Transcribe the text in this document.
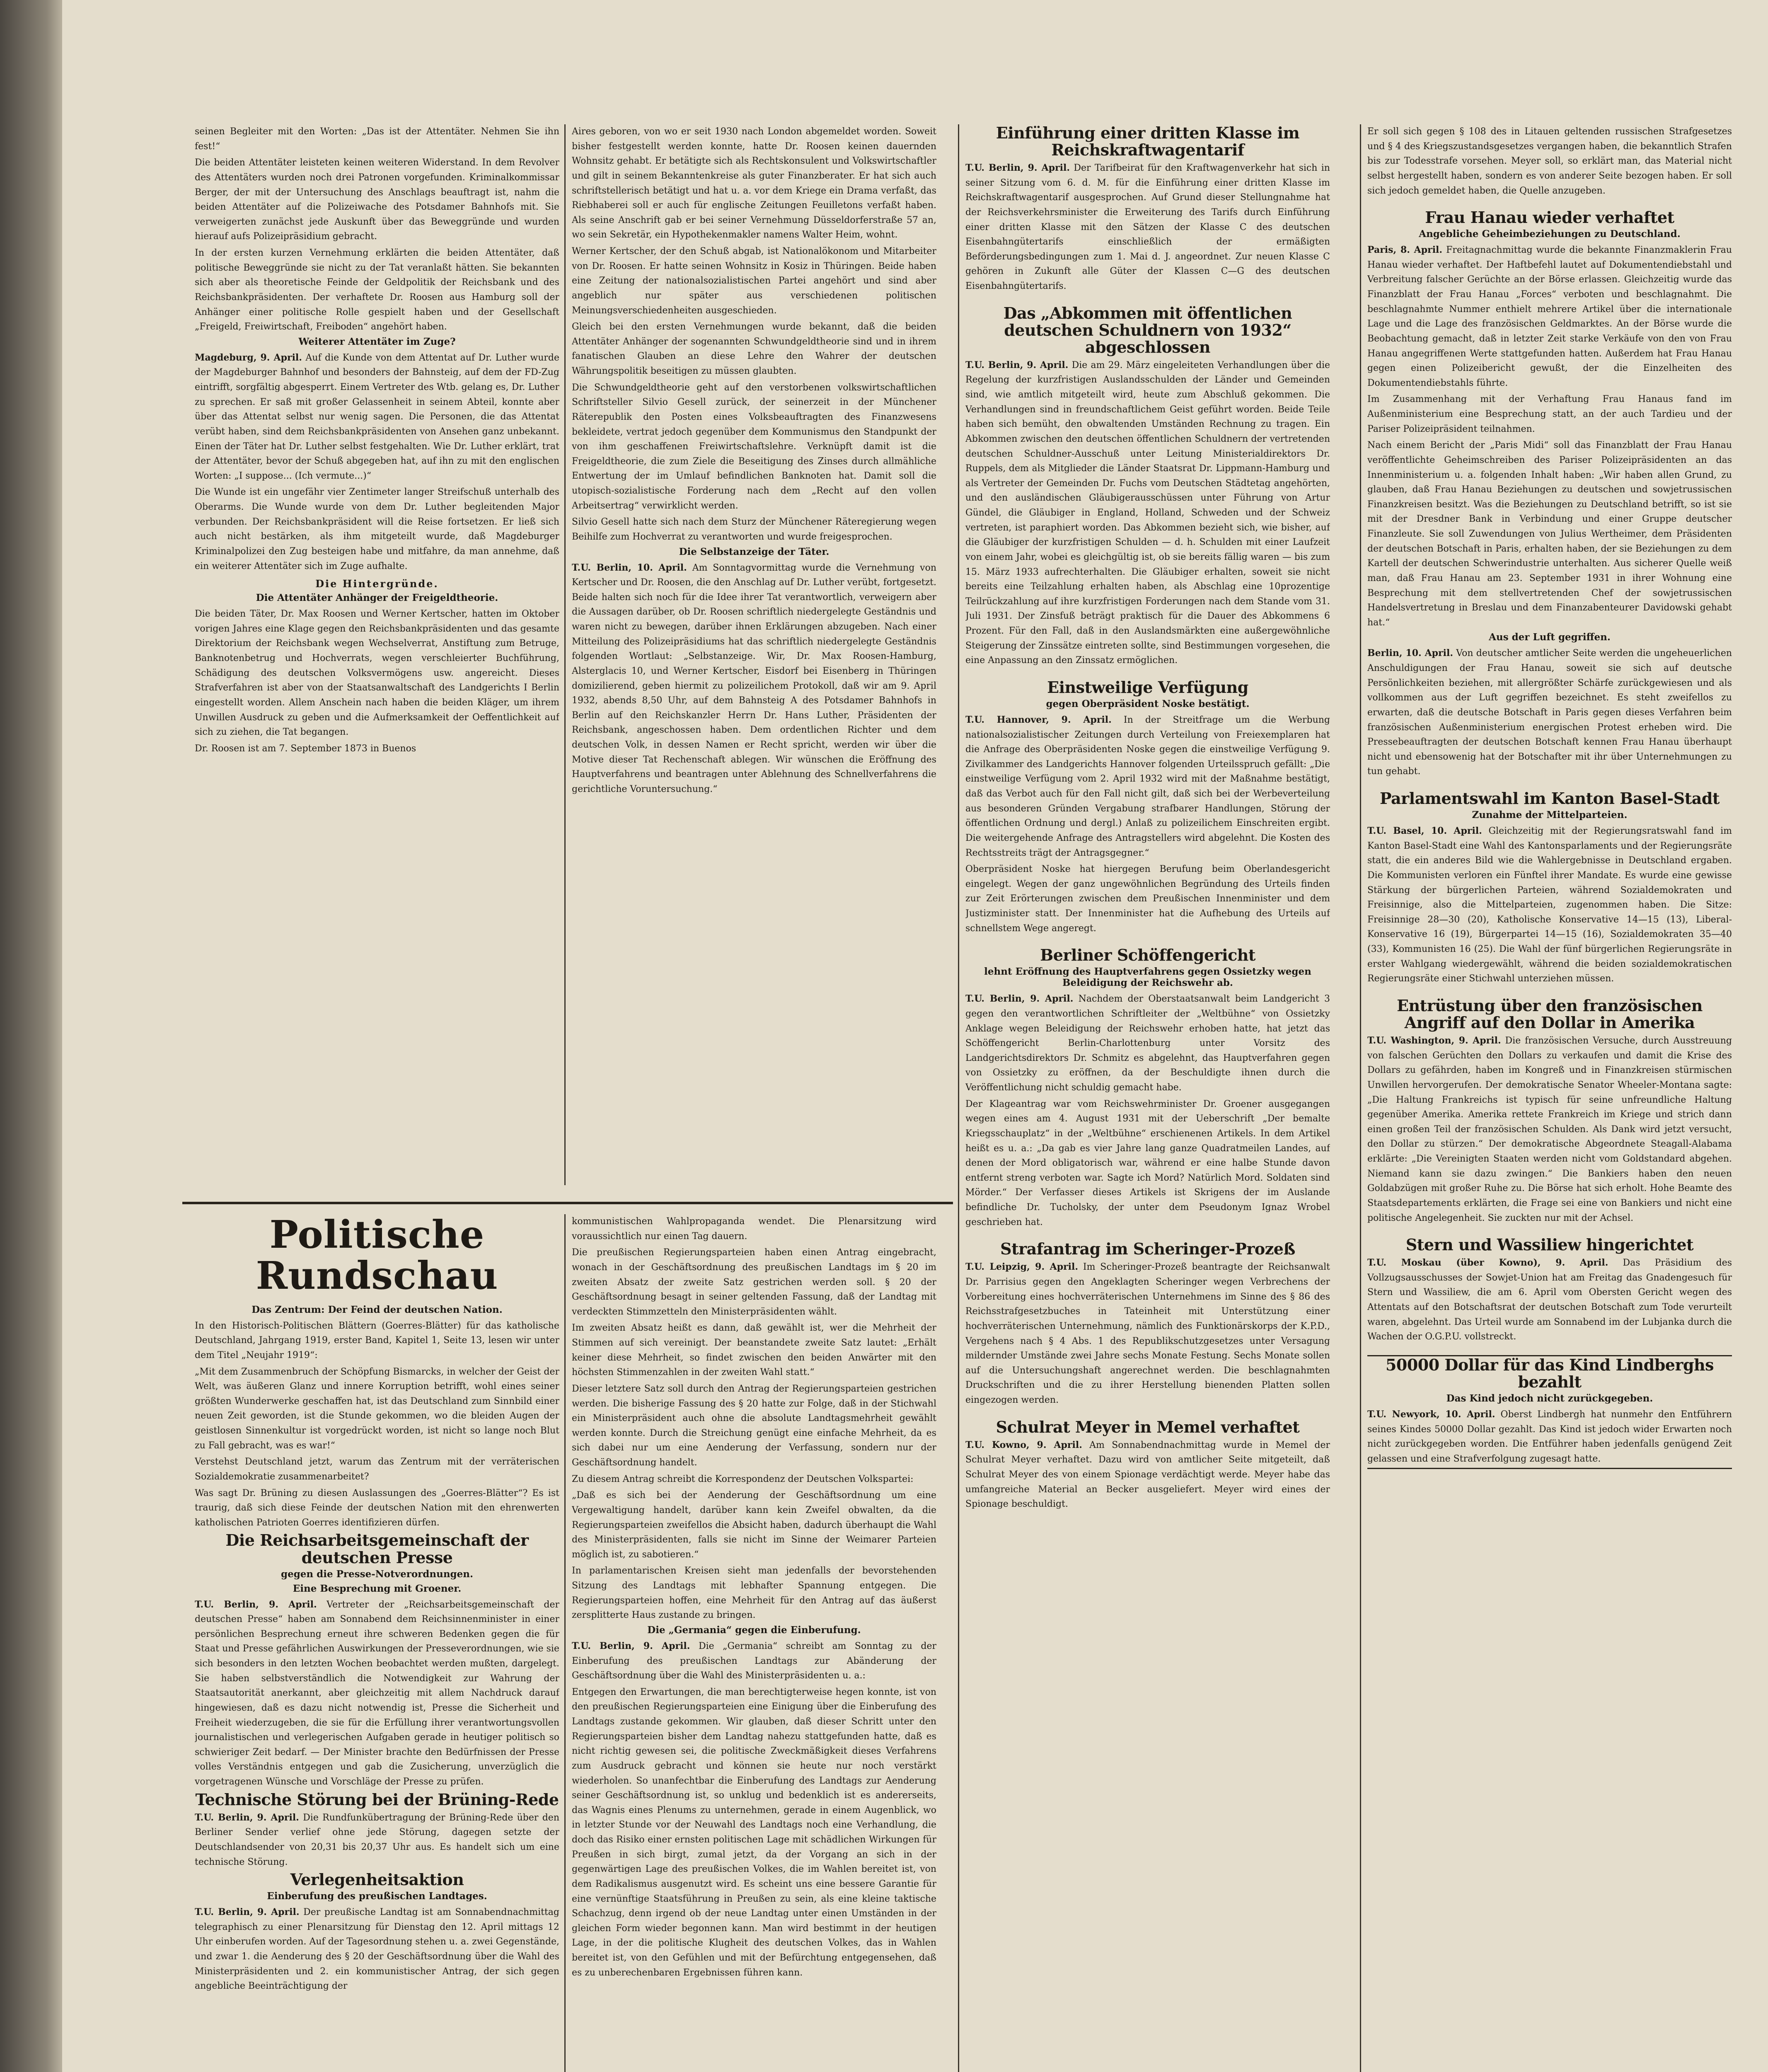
seinen Begleiter mit den Worten: „Das ist der Attentäter. Nehmen Sie ihn fest!“

Die beiden Attentäter leisteten keinen weiteren Widerstand. In dem Revolver des Attentäters wurden noch drei Patronen vorgefunden. Kriminalkommissar Berger, der mit der Untersuchung des Anschlags beauftragt ist, nahm die beiden Attentäter auf die Polizeiwache des Potsdamer Bahnhofs mit. Sie verweigerten zunächst jede Auskunft über das Beweggründe und wurden hierauf aufs Polizeipräsidium gebracht.

In der ersten kurzen Vernehmung erklärten die beiden Attentäter, daß politische Beweggründe sie nicht zu der Tat veranlaßt hätten. Sie bekannten sich aber als theoretische Feinde der Geldpolitik der Reichsbank und des Reichsbankpräsidenten. Der verhaftete Dr. Roosen aus Hamburg soll der Anhänger einer politische Rolle gespielt haben und der Gesellschaft „Freigeld, Freiwirtschaft, Freiboden“ angehört haben.

Weiterer Attentäter im Zuge?

Magdeburg, 9. April. Auf die Kunde von dem Attentat auf Dr. Luther wurde der Magdeburger Bahnhof und besonders der Bahnsteig, auf dem der FD-Zug eintrifft, sorgfältig abgesperrt. Einem Vertreter des Wtb. gelang es, Dr. Luther zu sprechen. Er saß mit großer Gelassenheit in seinem Abteil, konnte aber über das Attentat selbst nur wenig sagen. Die Personen, die das Attentat verübt haben, sind dem Reichsbankpräsidenten von Ansehen ganz unbekannt. Einen der Täter hat Dr. Luther selbst festgehalten. Wie Dr. Luther erklärt, trat der Attentäter, bevor der Schuß abgegeben hat, auf ihn zu mit den englischen Worten: „I suppose... (Ich vermute...)“

Die Wunde ist ein ungefähr vier Zentimeter langer Streifschuß unterhalb des Oberarms. Die Wunde wurde von dem Dr. Luther begleitenden Major verbunden. Der Reichsbankpräsident will die Reise fortsetzen. Er ließ sich auch nicht bestärken, als ihm mitgeteilt wurde, daß Magdeburger Kriminalpolizei den Zug besteigen habe und mitfahre, da man annehme, daß ein weiterer Attentäter sich im Zuge aufhalte.

Die Hintergründe.
Die Attentäter Anhänger der Freigeldtheorie.

Die beiden Täter, Dr. Max Roosen und Werner Kertscher, hatten im Oktober vorigen Jahres eine Klage gegen den Reichsbankpräsidenten und das gesamte Direktorium der Reichsbank wegen Wechselverrat, Anstiftung zum Betruge, Banknotenbetrug und Hochverrats, wegen verschleierter Buchführung, Schädigung des deutschen Volksvermögens usw. angereicht. Dieses Strafverfahren ist aber von der Staatsanwaltschaft des Landgerichts I Berlin eingestellt worden. Allem Anschein nach haben die beiden Kläger, um ihrem Unwillen Ausdruck zu geben und die Aufmerksamkeit der Oeffentlichkeit auf sich zu ziehen, die Tat begangen.

Dr. Roosen ist am 7. September 1873 in Buenos

Aires geboren, von wo er seit 1930 nach London abgemeldet worden. Soweit bisher festgestellt werden konnte, hatte Dr. Roosen keinen dauernden Wohnsitz gehabt. Er betätigte sich als Rechtskonsulent und Volkswirtschaftler und gilt in seinem Bekanntenkreise als guter Finanzberater. Er hat sich auch schriftstellerisch betätigt und hat u. a. vor dem Kriege ein Drama verfaßt, das Riebhaberei soll er auch für englische Zeitungen Feuilletons verfaßt haben. Als seine Anschrift gab er bei seiner Vernehmung Düsseldorferstraße 57 an, wo sein Sekretär, ein Hypothekenmakler namens Walter Heim, wohnt.

Werner Kertscher, der den Schuß abgab, ist Nationalökonom und Mitarbeiter von Dr. Roosen. Er hatte seinen Wohnsitz in Kosiz in Thüringen. Beide haben eine Zeitung der nationalsozialistischen Partei angehört und sind aber angeblich nur später aus verschiedenen politischen Meinungsverschiedenheiten ausgeschieden.

Gleich bei den ersten Vernehmungen wurde bekannt, daß die beiden Attentäter Anhänger der sogenannten Schwundgeldtheorie sind und in ihrem fanatischen Glauben an diese Lehre den Wahrer der deutschen Währungspolitik beseitigen zu müssen glaubten.

Die Schwundgeldtheorie geht auf den verstorbenen volkswirtschaftlichen Schriftsteller Silvio Gesell zurück, der seinerzeit in der Münchener Räterepublik den Posten eines Volksbeauftragten des Finanzwesens bekleidete, vertrat jedoch gegenüber dem Kommunismus den Standpunkt der von ihm geschaffenen Freiwirtschaftslehre. Verknüpft damit ist die Freigeldtheorie, die zum Ziele die Beseitigung des Zinses durch allmähliche Entwertung der im Umlauf befindlichen Banknoten hat. Damit soll die utopisch-sozialistische Forderung nach dem „Recht auf den vollen Arbeitsertrag“ verwirklicht werden.

Silvio Gesell hatte sich nach dem Sturz der Münchener Räteregierung wegen Beihilfe zum Hochverrat zu verantworten und wurde freigesprochen.

Die Selbstanzeige der Täter.

T.U. Berlin, 10. April. Am Sonntagvormittag wurde die Vernehmung von Kertscher und Dr. Roosen, die den Anschlag auf Dr. Luther verübt, fortgesetzt. Beide halten sich noch für die Idee ihrer Tat verantwortlich, verweigern aber die Aussagen darüber, ob Dr. Roosen schriftlich niedergelegte Geständnis und waren nicht zu bewegen, darüber ihnen Erklärungen abzugeben. Nach einer Mitteilung des Polizeipräsidiums hat das schriftlich niedergelegte Geständnis folgenden Wortlaut: „Selbstanzeige. Wir, Dr. Max Roosen-Hamburg, Alsterglacis 10, und Werner Kertscher, Eisdorf bei Eisenberg in Thüringen domizilierend, geben hiermit zu polizeilichem Protokoll, daß wir am 9. April 1932, abends 8,50 Uhr, auf dem Bahnsteig A des Potsdamer Bahnhofs in Berlin auf den Reichskanzler Herrn Dr. Hans Luther, Präsidenten der Reichsbank, angeschossen haben. Dem ordentlichen Richter und dem deutschen Volk, in dessen Namen er Recht spricht, werden wir über die Motive dieser Tat Rechenschaft ablegen. Wir wünschen die Eröffnung des Hauptverfahrens und beantragen unter Ablehnung des Schnellverfahrens die gerichtliche Voruntersuchung.“

Einführung einer dritten Klasse im Reichskraftwagentarif

T.U. Berlin, 9. April. Der Tarifbeirat für den Kraftwagenverkehr hat sich in seiner Sitzung vom 6. d. M. für die Einführung einer dritten Klasse im Reichskraftwagentarif ausgesprochen. Auf Grund dieser Stellungnahme hat der Reichsverkehrsminister die Erweiterung des Tarifs durch Einführung einer dritten Klasse mit den Sätzen der Klasse C des deutschen Eisenbahngütertarifs einschließlich der ermäßigten Beförderungsbedingungen zum 1. Mai d. J. angeordnet. Zur neuen Klasse C gehören in Zukunft alle Güter der Klassen C—G des deutschen Eisenbahngütertarifs.

Das „Abkommen mit öffentlichen deutschen Schuldnern von 1932“ abgeschlossen

T.U. Berlin, 9. April. Die am 29. März eingeleiteten Verhandlungen über die Regelung der kurzfristigen Auslandsschulden der Länder und Gemeinden sind, wie amtlich mitgeteilt wird, heute zum Abschluß gekommen. Die Verhandlungen sind in freundschaftlichem Geist geführt worden. Beide Teile haben sich bemüht, den obwaltenden Umständen Rechnung zu tragen. Ein Abkommen zwischen den deutschen öffentlichen Schuldnern der vertretenden deutschen Schuldner-Ausschuß unter Leitung Ministerialdirektors Dr. Ruppels, dem als Mitglieder die Länder Staatsrat Dr. Lippmann-Hamburg und als Vertreter der Gemeinden Dr. Fuchs vom Deutschen Städtetag angehörten, und den ausländischen Gläubigerausschüssen unter Führung von Artur Gündel, die Gläubiger in England, Holland, Schweden und der Schweiz vertreten, ist paraphiert worden. Das Abkommen bezieht sich, wie bisher, auf die Gläubiger der kurzfristigen Schulden — d. h. Schulden mit einer Laufzeit von einem Jahr, wobei es gleichgültig ist, ob sie bereits fällig waren — bis zum 15. März 1933 aufrechterhalten. Die Gläubiger erhalten, soweit sie nicht bereits eine Teilzahlung erhalten haben, als Abschlag eine 10prozentige Teilrückzahlung auf ihre kurzfristigen Forderungen nach dem Stande vom 31. Juli 1931. Der Zinsfuß beträgt praktisch für die Dauer des Abkommens 6 Prozent. Für den Fall, daß in den Auslandsmärkten eine außergewöhnliche Steigerung der Zinssätze eintreten sollte, sind Bestimmungen vorgesehen, die eine Anpassung an den Zinssatz ermöglichen.

Einstweilige Verfügung
gegen Oberpräsident Noske bestätigt.

T.U. Hannover, 9. April. In der Streitfrage um die Werbung nationalsozialistischer Zeitungen durch Verteilung von Freiexemplaren hat die Anfrage des Oberpräsidenten Noske gegen die einstweilige Verfügung 9. Zivilkammer des Landgerichts Hannover folgenden Urteilsspruch gefällt: „Die einstweilige Verfügung vom 2. April 1932 wird mit der Maßnahme bestätigt, daß das Verbot auch für den Fall nicht gilt, daß sich bei der Werbeverteilung aus besonderen Gründen Vergabung strafbarer Handlungen, Störung der öffentlichen Ordnung und dergl.) Anlaß zu polizeilichem Einschreiten ergibt. Die weitergehende Anfrage des Antragstellers wird abgelehnt. Die Kosten des Rechtsstreits trägt der Antragsgegner.“

Oberpräsident Noske hat hiergegen Berufung beim Oberlandesgericht eingelegt. Wegen der ganz ungewöhnlichen Begründung des Urteils finden zur Zeit Erörterungen zwischen dem Preußischen Innenminister und dem Justizminister statt. Der Innenminister hat die Aufhebung des Urteils auf schnellstem Wege angeregt.

Berliner Schöffengericht
lehnt Eröffnung des Hauptverfahrens gegen Ossietzky wegen Beleidigung der Reichswehr ab.

T.U. Berlin, 9. April. Nachdem der Oberstaatsanwalt beim Landgericht 3 gegen den verantwortlichen Schriftleiter der „Weltbühne“ von Ossietzky Anklage wegen Beleidigung der Reichswehr erhoben hatte, hat jetzt das Schöffengericht Berlin-Charlottenburg unter Vorsitz des Landgerichtsdirektors Dr. Schmitz es abgelehnt, das Hauptverfahren gegen von Ossietzky zu eröffnen, da der Beschuldigte ihnen durch die Veröffentlichung nicht schuldig gemacht habe.

Der Klageantrag war vom Reichswehrminister Dr. Groener ausgegangen wegen eines am 4. August 1931 mit der Ueberschrift „Der bemalte Kriegsschauplatz“ in der „Weltbühne“ erschienenen Artikels. In dem Artikel heißt es u. a.: „Da gab es vier Jahre lang ganze Quadratmeilen Landes, auf denen der Mord obligatorisch war, während er eine halbe Stunde davon entfernt streng verboten war. Sagte ich Mord? Natürlich Mord. Soldaten sind Mörder.“ Der Verfasser dieses Artikels ist Skrigens der im Auslande befindliche Dr. Tucholsky, der unter dem Pseudonym Ignaz Wrobel geschrieben hat.

Strafantrag im Scheringer-Prozeß

T.U. Leipzig, 9. April. Im Scheringer-Prozeß beantragte der Reichsanwalt Dr. Parrisius gegen den Angeklagten Scheringer wegen Verbrechens der Vorbereitung eines hochverräterischen Unternehmens im Sinne des § 86 des Reichsstrafgesetzbuches in Tateinheit mit Unterstützung einer hochverräterischen Unternehmung, nämlich des Funktionärskorps der K.P.D., Vergehens nach § 4 Abs. 1 des Republikschutzgesetzes unter Versagung mildernder Umstände zwei Jahre sechs Monate Festung. Sechs Monate sollen auf die Untersuchungshaft angerechnet werden. Die beschlagnahmten Druckschriften und die zu ihrer Herstellung bienenden Platten sollen eingezogen werden.

Schulrat Meyer in Memel verhaftet

T.U. Kowno, 9. April. Am Sonnabendnachmittag wurde in Memel der Schulrat Meyer verhaftet. Dazu wird von amtlicher Seite mitgeteilt, daß Schulrat Meyer des von einem Spionage verdächtigt werde. Meyer habe das umfangreiche Material an Becker ausgeliefert. Meyer wird eines der Spionage beschuldigt.

Er soll sich gegen § 108 des in Litauen geltenden russischen Strafgesetzes und § 4 des Kriegszustandsgesetzes vergangen haben, die bekanntlich Strafen bis zur Todesstrafe vorsehen. Meyer soll, so erklärt man, das Material nicht selbst hergestellt haben, sondern es von anderer Seite bezogen haben. Er soll sich jedoch gemeldet haben, die Quelle anzugeben.

Frau Hanau wieder verhaftet
Angebliche Geheimbeziehungen zu Deutschland.

Paris, 8. April. Freitagnachmittag wurde die bekannte Finanzmaklerin Frau Hanau wieder verhaftet. Der Haftbefehl lautet auf Dokumentendiebstahl und Verbreitung falscher Gerüchte an der Börse erlassen. Gleichzeitig wurde das Finanzblatt der Frau Hanau „Forces“ verboten und beschlagnahmt. Die beschlagnahmte Nummer enthielt mehrere Artikel über die internationale Lage und die Lage des französischen Geldmarktes. An der Börse wurde die Beobachtung gemacht, daß in letzter Zeit starke Verkäufe von den von Frau Hanau angegriffenen Werte stattgefunden hatten. Außerdem hat Frau Hanau gegen einen Polizeibericht gewußt, der die Einzelheiten des Dokumentendiebstahls führte.

Im Zusammenhang mit der Verhaftung Frau Hanaus fand im Außenministerium eine Besprechung statt, an der auch Tardieu und der Pariser Polizeipräsident teilnahmen.

Nach einem Bericht der „Paris Midi“ soll das Finanzblatt der Frau Hanau veröffentlichte Geheimschreiben des Pariser Polizeipräsidenten an das Innenministerium u. a. folgenden Inhalt haben: „Wir haben allen Grund, zu glauben, daß Frau Hanau Beziehungen zu deutschen und sowjetrussischen Finanzkreisen besitzt. Was die Beziehungen zu Deutschland betrifft, so ist sie mit der Dresdner Bank in Verbindung und einer Gruppe deutscher Finanzleute. Sie soll Zuwendungen von Julius Wertheimer, dem Präsidenten der deutschen Botschaft in Paris, erhalten haben, der sie Beziehungen zu dem Kartell der deutschen Schwerindustrie unterhalten. Aus sicherer Quelle weiß man, daß Frau Hanau am 23. September 1931 in ihrer Wohnung eine Besprechung mit dem stellvertretenden Chef der sowjetrussischen Handelsvertretung in Breslau und dem Finanzabenteurer Davidowski gehabt hat.“

Aus der Luft gegriffen.

Berlin, 10. April. Von deutscher amtlicher Seite werden die ungeheuerlichen Anschuldigungen der Frau Hanau, soweit sie sich auf deutsche Persönlichkeiten beziehen, mit allergrößter Schärfe zurückgewiesen und als vollkommen aus der Luft gegriffen bezeichnet. Es steht zweifellos zu erwarten, daß die deutsche Botschaft in Paris gegen dieses Verfahren beim französischen Außenministerium energischen Protest erheben wird. Die Pressebeauftragten der deutschen Botschaft kennen Frau Hanau überhaupt nicht und ebensowenig hat der Botschafter mit ihr über Unternehmungen zu tun gehabt.

Parlamentswahl im Kanton Basel-Stadt
Zunahme der Mittelparteien.

T.U. Basel, 10. April. Gleichzeitig mit der Regierungsratswahl fand im Kanton Basel-Stadt eine Wahl des Kantonsparlaments und der Regierungsräte statt, die ein anderes Bild wie die Wahlergebnisse in Deutschland ergaben. Die Kommunisten verloren ein Fünftel ihrer Mandate. Es wurde eine gewisse Stärkung der bürgerlichen Parteien, während Sozialdemokraten und Freisinnige, also die Mittelparteien, zugenommen haben. Die Sitze: Freisinnige 28—30 (20), Katholische Konservative 14—15 (13), Liberal-Konservative 16 (19), Bürgerpartei 14—15 (16), Sozialdemokraten 35—40 (33), Kommunisten 16 (25). Die Wahl der fünf bürgerlichen Regierungsräte in erster Wahlgang wiedergewählt, während die beiden sozialdemokratischen Regierungsräte einer Stichwahl unterziehen müssen.

Entrüstung über den französischen Angriff auf den Dollar in Amerika

T.U. Washington, 9. April. Die französischen Versuche, durch Ausstreuung von falschen Gerüchten den Dollars zu verkaufen und damit die Krise des Dollars zu gefährden, haben im Kongreß und in Finanzkreisen stürmischen Unwillen hervorgerufen. Der demokratische Senator Wheeler-Montana sagte: „Die Haltung Frankreichs ist typisch für seine unfreundliche Haltung gegenüber Amerika. Amerika rettete Frankreich im Kriege und strich dann einen großen Teil der französischen Schulden. Als Dank wird jetzt versucht, den Dollar zu stürzen.“ Der demokratische Abgeordnete Steagall-Alabama erklärte: „Die Vereinigten Staaten werden nicht vom Goldstandard abgehen. Niemand kann sie dazu zwingen.“ Die Bankiers haben den neuen Goldabzügen mit großer Ruhe zu. Die Börse hat sich erholt. Hohe Beamte des Staatsdepartements erklärten, die Frage sei eine von Bankiers und nicht eine politische Angelegenheit. Sie zuckten nur mit der Achsel.

Stern und Wassiliew hingerichtet

T.U. Moskau (über Kowno), 9. April. Das Präsidium des Vollzugsausschusses der Sowjet-Union hat am Freitag das Gnadengesuch für Stern und Wassiliew, die am 6. April vom Obersten Gericht wegen des Attentats auf den Botschaftsrat der deutschen Botschaft zum Tode verurteilt waren, abgelehnt. Das Urteil wurde am Sonnabend im der Lubjanka durch die Wachen der O.G.P.U. vollstreckt.

50000 Dollar für das Kind Lindberghs bezahlt
Das Kind jedoch nicht zurückgegeben.

T.U. Newyork, 10. April. Oberst Lindbergh hat nunmehr den Entführern seines Kindes 50000 Dollar gezahlt. Das Kind ist jedoch wider Erwarten noch nicht zurückgegeben worden. Die Entführer haben jedenfalls genügend Zeit gelassen und eine Strafverfolgung zugesagt hatte.

Politische Rundschau
Das Zentrum: Der Feind der deutschen Nation.

In den Historisch-Politischen Blättern (Goerres-Blätter) für das katholische Deutschland, Jahrgang 1919, erster Band, Kapitel 1, Seite 13, lesen wir unter dem Titel „Neujahr 1919“:

„Mit dem Zusammenbruch der Schöpfung Bismarcks, in welcher der Geist der Welt, was äußeren Glanz und innere Korruption betrifft, wohl eines seiner größten Wunderwerke geschaffen hat, ist das Deutschland zum Sinnbild einer neuen Zeit geworden, ist die Stunde gekommen, wo die bleiden Augen der geistlosen Sinnenkultur ist vorgedrückt worden, ist nicht so lange noch Blut zu Fall gebracht, was es war!“

Verstehst Deutschland jetzt, warum das Zentrum mit der verräterischen Sozialdemokratie zusammenarbeitet?

Was sagt Dr. Brüning zu diesen Auslassungen des „Goerres-Blätter“? Es ist traurig, daß sich diese Feinde der deutschen Nation mit den ehrenwerten katholischen Patrioten Goerres identifizieren dürfen.

Die Reichsarbeitsgemeinschaft der deutschen Presse
gegen die Presse-Notverordnungen.
Eine Besprechung mit Groener.

T.U. Berlin, 9. April. Vertreter der „Reichsarbeitsgemeinschaft der deutschen Presse“ haben am Sonnabend dem Reichsinnenminister in einer persönlichen Besprechung erneut ihre schweren Bedenken gegen die für Staat und Presse gefährlichen Auswirkungen der Presseverordnungen, wie sie sich besonders in den letzten Wochen beobachtet werden mußten, dargelegt. Sie haben selbstverständlich die Notwendigkeit zur Wahrung der Staatsautorität anerkannt, aber gleichzeitig mit allem Nachdruck darauf hingewiesen, daß es dazu nicht notwendig ist, Presse die Sicherheit und Freiheit wiederzugeben, die sie für die Erfüllung ihrer verantwortungsvollen journalistischen und verlegerischen Aufgaben gerade in heutiger politisch so schwieriger Zeit bedarf. — Der Minister brachte den Bedürfnissen der Presse volles Verständnis entgegen und gab die Zusicherung, unverzüglich die vorgetragenen Wünsche und Vorschläge der Presse zu prüfen.

Technische Störung bei der Brüning-Rede

T.U. Berlin, 9. April. Die Rundfunkübertragung der Brüning-Rede über den Berliner Sender verlief ohne jede Störung, dagegen setzte der Deutschlandsender von 20,31 bis 20,37 Uhr aus. Es handelt sich um eine technische Störung.

Verlegenheitsaktion
Einberufung des preußischen Landtages.

T.U. Berlin, 9. April. Der preußische Landtag ist am Sonnabendnachmittag telegraphisch zu einer Plenarsitzung für Dienstag den 12. April mittags 12 Uhr einberufen worden. Auf der Tagesordnung stehen u. a. zwei Gegenstände, und zwar 1. die Aenderung des § 20 der Geschäftsordnung über die Wahl des Ministerpräsidenten und 2. ein kommunistischer Antrag, der sich gegen angebliche Beeinträchtigung der

kommunistischen Wahlpropaganda wendet. Die Plenarsitzung wird voraussichtlich nur einen Tag dauern.

Die preußischen Regierungsparteien haben einen Antrag eingebracht, wonach in der Geschäftsordnung des preußischen Landtags im § 20 im zweiten Absatz der zweite Satz gestrichen werden soll. § 20 der Geschäftsordnung besagt in seiner geltenden Fassung, daß der Landtag mit verdeckten Stimmzetteln den Ministerpräsidenten wählt.

Im zweiten Absatz heißt es dann, daß gewählt ist, wer die Mehrheit der Stimmen auf sich vereinigt. Der beanstandete zweite Satz lautet: „Erhält keiner diese Mehrheit, so findet zwischen den beiden Anwärter mit den höchsten Stimmenzahlen in der zweiten Wahl statt.“

Dieser letztere Satz soll durch den Antrag der Regierungsparteien gestrichen werden. Die bisherige Fassung des § 20 hatte zur Folge, daß in der Stichwahl ein Ministerpräsident auch ohne die absolute Landtagsmehrheit gewählt werden konnte. Durch die Streichung genügt eine einfache Mehrheit, da es sich dabei nur um eine Aenderung der Verfassung, sondern nur der Geschäftsordnung handelt.

Zu diesem Antrag schreibt die Korrespondenz der Deutschen Volkspartei:

„Daß es sich bei der Aenderung der Geschäftsordnung um eine Vergewaltigung handelt, darüber kann kein Zweifel obwalten, da die Regierungsparteien zweifellos die Absicht haben, dadurch überhaupt die Wahl des Ministerpräsidenten, falls sie nicht im Sinne der Weimarer Parteien möglich ist, zu sabotieren.“

In parlamentarischen Kreisen sieht man jedenfalls der bevorstehenden Sitzung des Landtags mit lebhafter Spannung entgegen. Die Regierungsparteien hoffen, eine Mehrheit für den Antrag auf das äußerst zersplitterte Haus zustande zu bringen.

Die „Germania“ gegen die Einberufung.

T.U. Berlin, 9. April. Die „Germania“ schreibt am Sonntag zu der Einberufung des preußischen Landtags zur Abänderung der Geschäftsordnung über die Wahl des Ministerpräsidenten u. a.:

Entgegen den Erwartungen, die man berechtigterweise hegen konnte, ist von den preußischen Regierungsparteien eine Einigung über die Einberufung des Landtags zustande gekommen. Wir glauben, daß dieser Schritt unter den Regierungsparteien bisher dem Landtag nahezu stattgefunden hatte, daß es nicht richtig gewesen sei, die politische Zweckmäßigkeit dieses Verfahrens zum Ausdruck gebracht und können sie heute nur noch verstärkt wiederholen. So unanfechtbar die Einberufung des Landtags zur Aenderung seiner Geschäftsordnung ist, so unklug und bedenklich ist es andererseits, das Wagnis eines Plenums zu unternehmen, gerade in einem Augenblick, wo in letzter Stunde vor der Neuwahl des Landtags noch eine Verhandlung, die doch das Risiko einer ernsten politischen Lage mit schädlichen Wirkungen für Preußen in sich birgt, zumal jetzt, da der Vorgang an sich in der gegenwärtigen Lage des preußischen Volkes, die im Wahlen bereitet ist, von dem Radikalismus ausgenutzt wird. Es scheint uns eine bessere Garantie für eine vernünftige Staatsführung in Preußen zu sein, als eine kleine taktische Schachzug, denn irgend ob der neue Landtag unter einen Umständen in der gleichen Form wieder begonnen kann. Man wird bestimmt in der heutigen Lage, in der die politische Klugheit des deutschen Volkes, das in Wahlen bereitet ist, von den Gefühlen und mit der Befürchtung entgegensehen, daß es zu unberechenbaren Ergebnissen führen kann.
